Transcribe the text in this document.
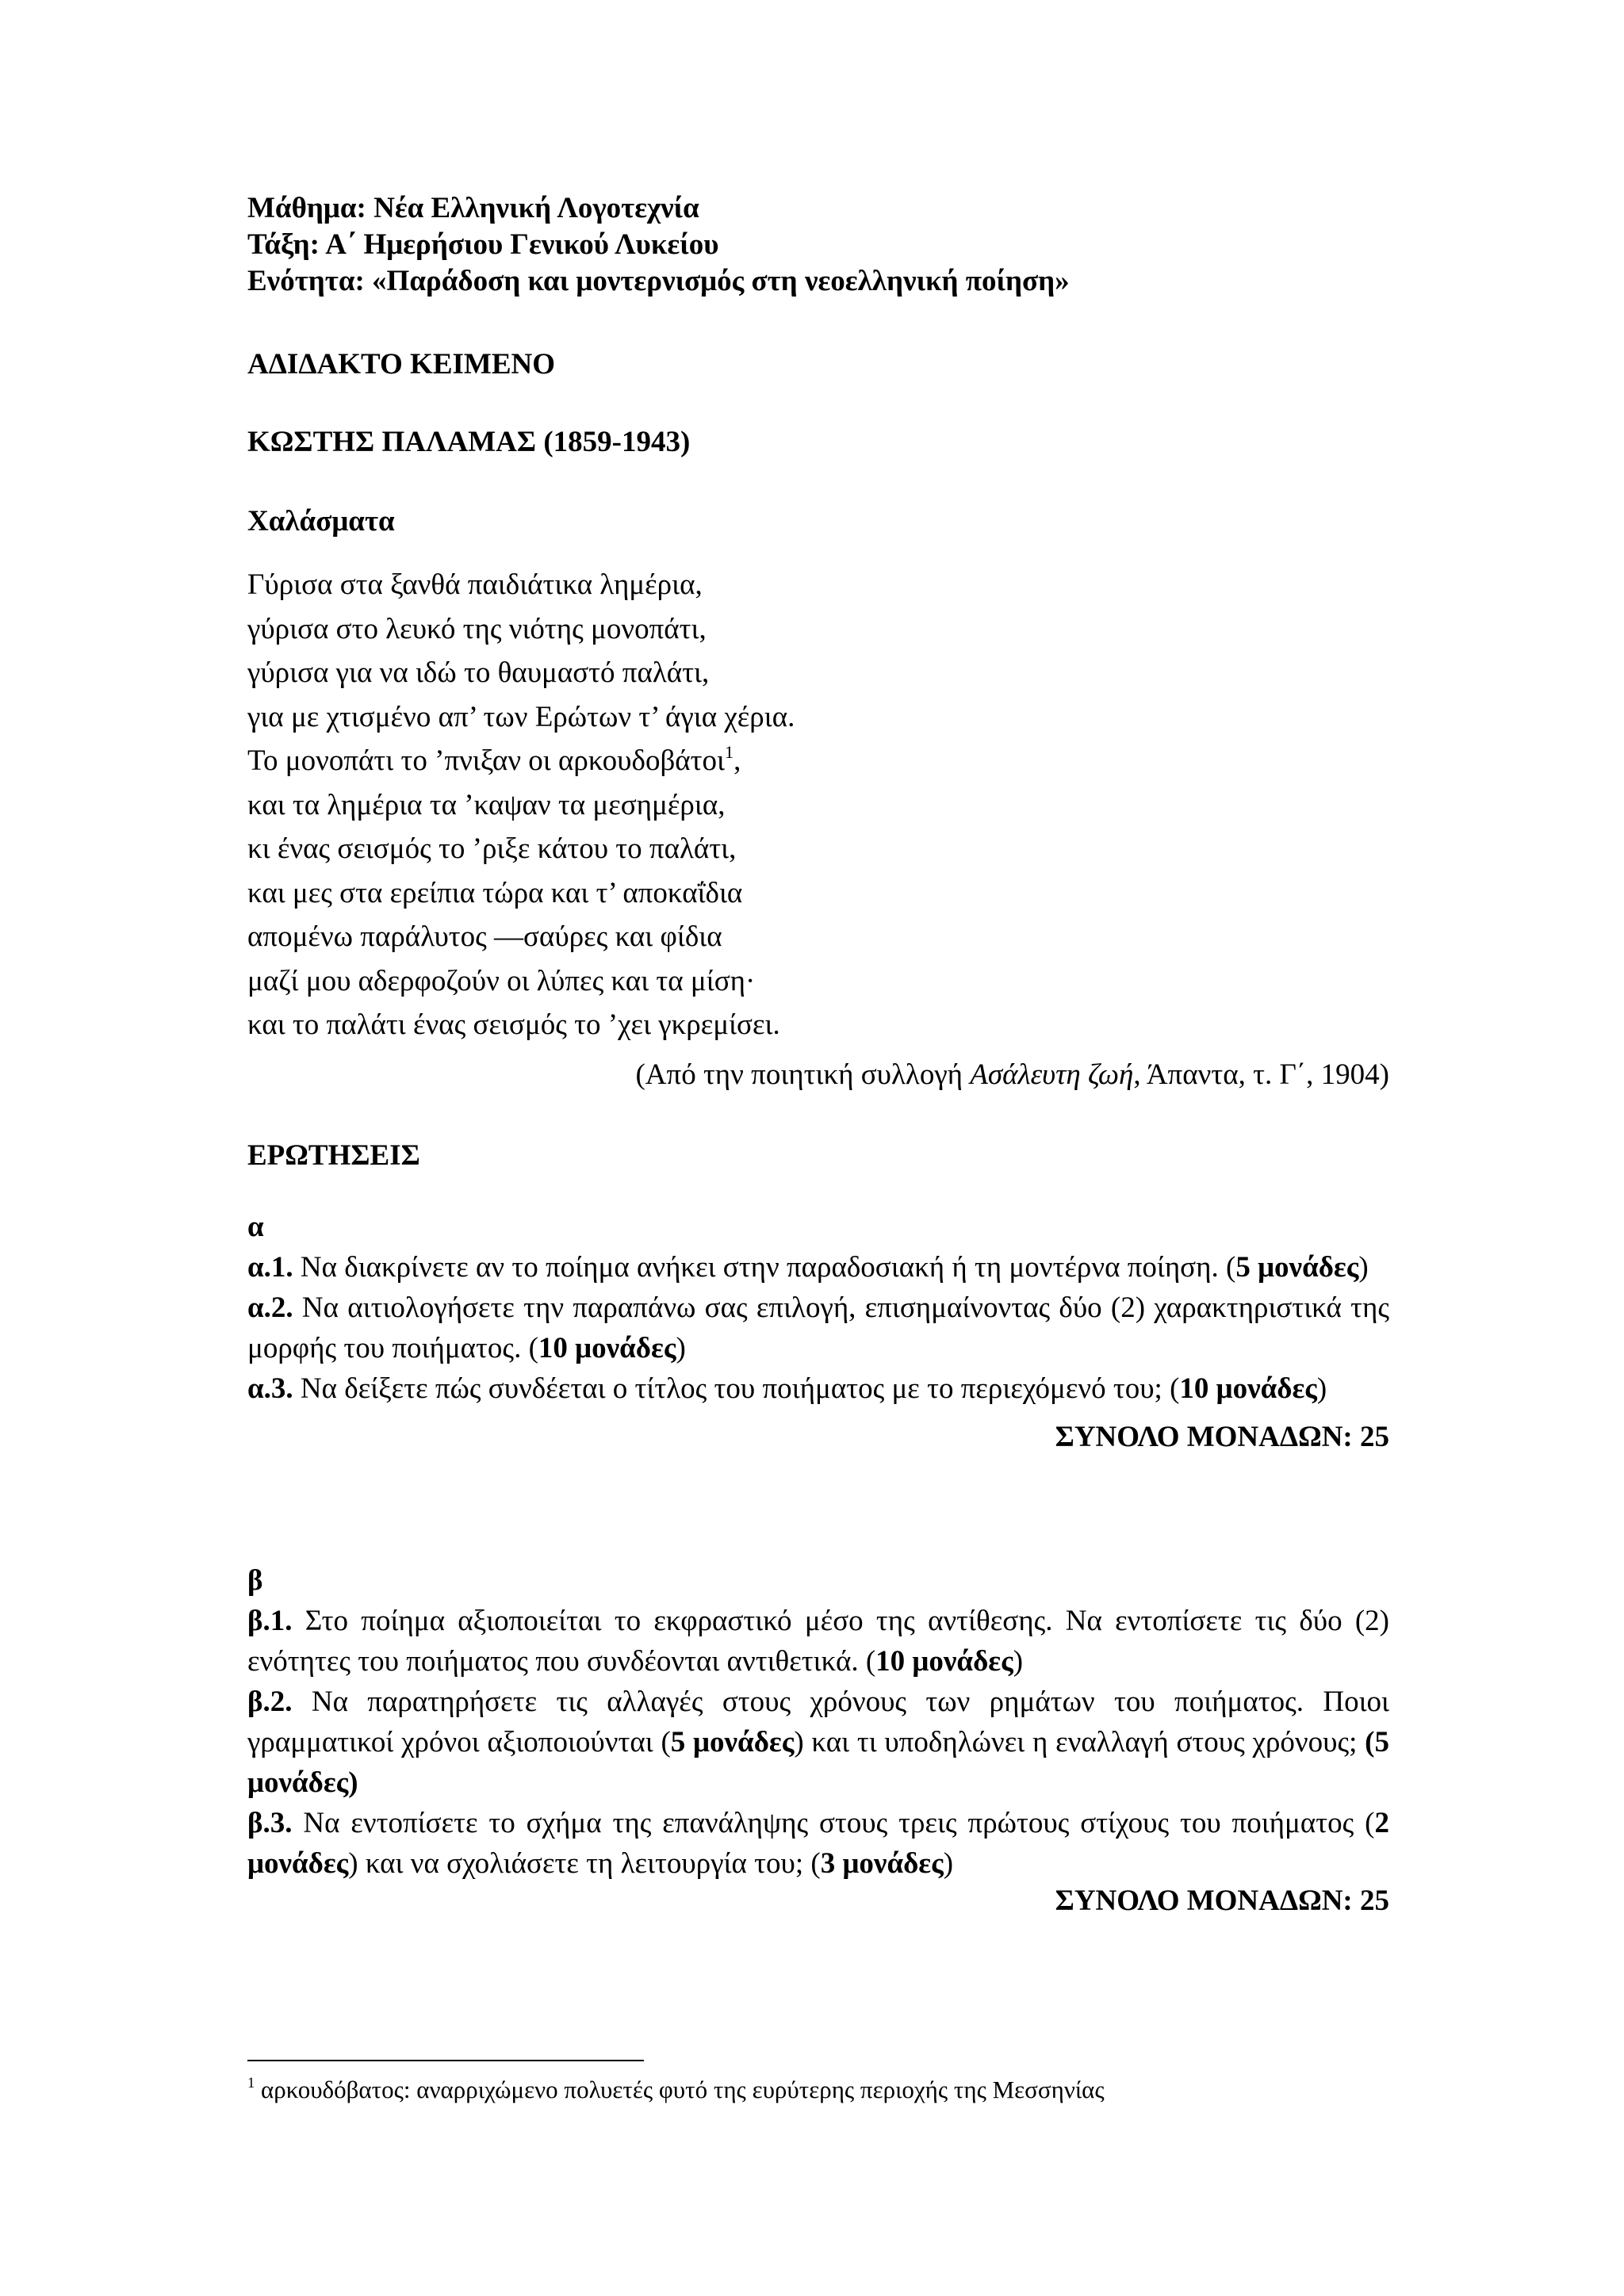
Μάθημα: Νέα Ελληνική Λογοτεχνία
Τάξη: Α΄ Ημερήσιου Γενικού Λυκείου
Ενότητα: «Παράδοση και μοντερνισμός στη νεοελληνική ποίηση»
ΑΔΙΔΑΚΤΟ ΚΕΙΜΕΝΟ
ΚΩΣΤΗΣ ΠΑΛΑΜΑΣ (1859-1943)
Χαλάσματα
Γύρισα στα ξανθά παιδιάτικα λημέρια,
γύρισα στο λευκό της νιότης μονοπάτι,
γύρισα για να ιδώ το θαυμαστό παλάτι,
για με χτισμένο απ’ των Ερώτων τ’ άγια χέρια.
Το μονοπάτι το ’πνιξαν οι αρκουδοβάτοι$^1$,
και τα λημέρια τα ’καψαν τα μεσημέρια,
κι ένας σεισμός το ’ριξε κάτου το παλάτι,
και μες στα ερείπια τώρα και τ’ αποκαΐδια
απομένω παράλυτος —σαύρες και φίδια
μαζί μου αδερφοζούν οι λύπες και τα μίση·
και το παλάτι ένας σεισμός το ’χει γκρεμίσει.
(Από την ποιητική συλλογή Ασάλευτη ζωή, Άπαντα, τ. Γ΄, 1904)
ΕΡΩΤΗΣΕΙΣ
α
α.1. Να διακρίνετε αν το ποίημα ανήκει στην παραδοσιακή ή τη μοντέρνα ποίηση. (5 μονάδες)
α.2. Να αιτιολογήσετε την παραπάνω σας επιλογή, επισημαίνοντας δύο (2) χαρακτηριστικά της μορφής του ποιήματος. (10 μονάδες)
α.3. Να δείξετε πώς συνδέεται ο τίτλος του ποιήματος με το περιεχόμενό του; (10 μονάδες)
ΣΥΝΟΛΟ ΜΟΝΑΔΩΝ: 25
β
β.1. Στο ποίημα αξιοποιείται το εκφραστικό μέσο της αντίθεσης. Να εντοπίσετε τις δύο (2) ενότητες του ποιήματος που συνδέονται αντιθετικά. (10 μονάδες)
β.2. Να παρατηρήσετε τις αλλαγές στους χρόνους των ρημάτων του ποιήματος. Ποιοι γραμματικοί χρόνοι αξιοποιούνται (5 μονάδες) και τι υποδηλώνει η εναλλαγή στους χρόνους; (5 μονάδες)
β.3. Να εντοπίσετε το σχήμα της επανάληψης στους τρεις πρώτους στίχους του ποιήματος (2 μονάδες) και να σχολιάσετε τη λειτουργία του; (3 μονάδες)
ΣΥΝΟΛΟ ΜΟΝΑΔΩΝ: 25
$^1$ αρκουδόβατος: αναρριχώμενο πολυετές φυτό της ευρύτερης περιοχής της Μεσσηνίας
